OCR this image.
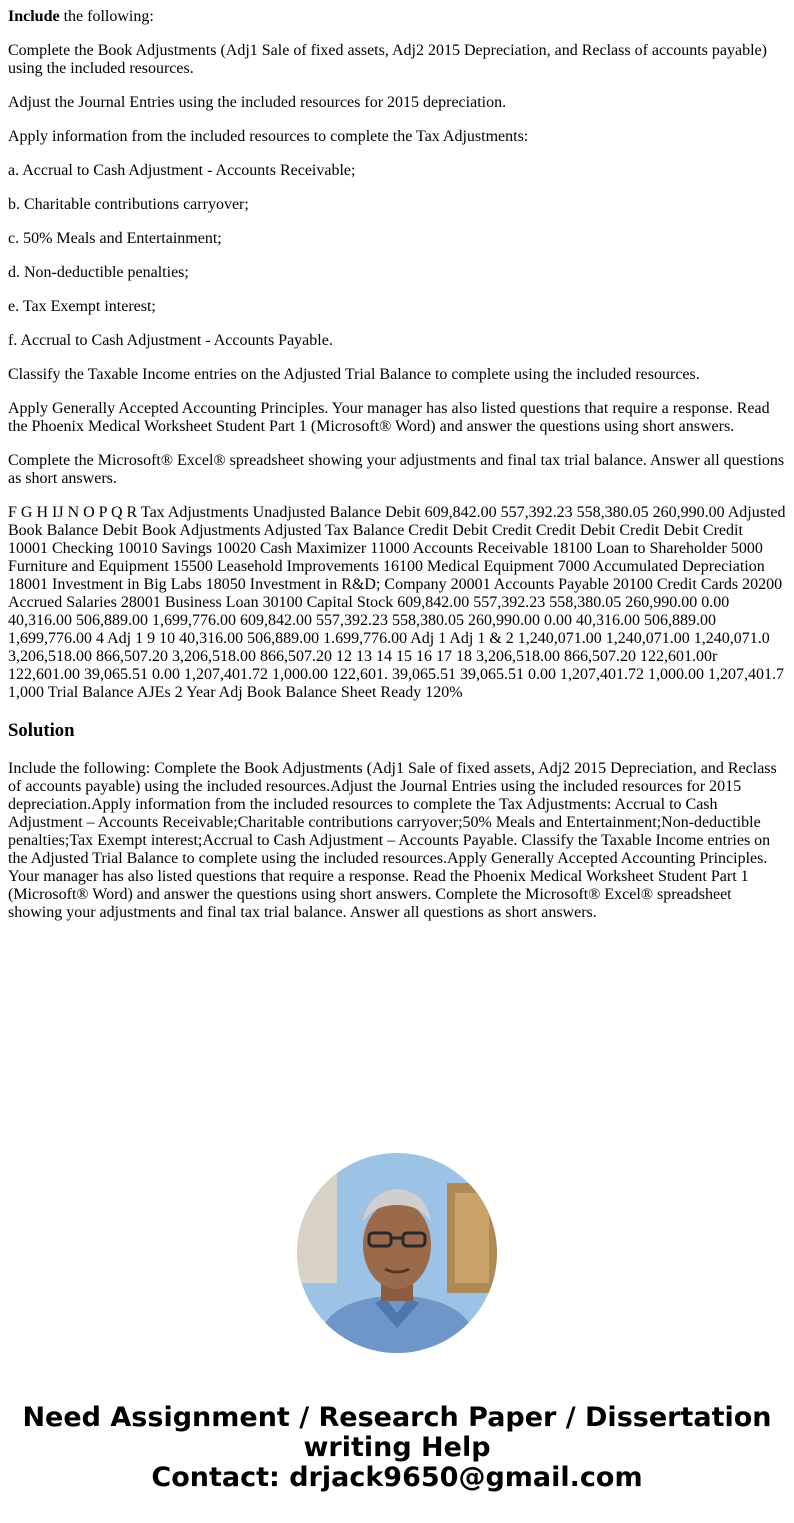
Include the following:

Complete the Book Adjustments (Adj1 Sale of fixed assets, Adj2 2015 Depreciation, and Reclass of accounts payable) using the included resources.

Adjust the Journal Entries using the included resources for 2015 depreciation.

Apply information from the included resources to complete the Tax Adjustments:

a. Accrual to Cash Adjustment - Accounts Receivable;

b. Charitable contributions carryover;

c. 50% Meals and Entertainment;

d. Non-deductible penalties;

e. Tax Exempt interest;

f. Accrual to Cash Adjustment - Accounts Payable.

Classify the Taxable Income entries on the Adjusted Trial Balance to complete using the included resources.

Apply Generally Accepted Accounting Principles. Your manager has also listed questions that require a response. Read the Phoenix Medical Worksheet Student Part 1 (Microsoft® Word) and answer the questions using short answers.

Complete the Microsoft® Excel® spreadsheet showing your adjustments and final tax trial balance. Answer all questions as short answers.

F G H IJ N O P Q R Tax Adjustments Unadjusted Balance Debit 609,842.00 557,392.23 558,380.05 260,990.00 Adjusted Book Balance Debit Book Adjustments Adjusted Tax Balance Credit Debit Credit Credit Debit Credit Debit Credit 10001 Checking 10010 Savings 10020 Cash Maximizer 11000 Accounts Receivable 18100 Loan to Shareholder 5000 Furniture and Equipment 15500 Leasehold Improvements 16100 Medical Equipment 7000 Accumulated Depreciation 18001 Investment in Big Labs 18050 Investment in R&D; Company 20001 Accounts Payable 20100 Credit Cards 20200 Accrued Salaries 28001 Business Loan 30100 Capital Stock 609,842.00 557,392.23 558,380.05 260,990.00 0.00 40,316.00 506,889.00 1,699,776.00 609,842.00 557,392.23 558,380.05 260,990.00 0.00 40,316.00 506,889.00 1,699,776.00 4 Adj 1 9 10 40,316.00 506,889.00 1.699,776.00 Adj 1 Adj 1 & 2 1,240,071.00 1,240,071.00 1,240,071.0 3,206,518.00 866,507.20 3,206,518.00 866,507.20 12 13 14 15 16 17 18 3,206,518.00 866,507.20 122,601.00r 122,601.00 39,065.51 0.00 1,207,401.72 1,000.00 122,601. 39,065.51 39,065.51 0.00 1,207,401.72 1,000.00 1,207,401.7 1,000 Trial Balance AJEs 2 Year Adj Book Balance Sheet Ready 120%

Solution

Include the following: Complete the Book Adjustments (Adj1 Sale of fixed assets, Adj2 2015 Depreciation, and Reclass of accounts payable) using the included resources.Adjust the Journal Entries using the included resources for 2015 depreciation.Apply information from the included resources to complete the Tax Adjustments: Accrual to Cash Adjustment – Accounts Receivable;Charitable contributions carryover;50% Meals and Entertainment;Non-deductible penalties;Tax Exempt interest;Accrual to Cash Adjustment – Accounts Payable. Classify the Taxable Income entries on the Adjusted Trial Balance to complete using the included resources.Apply Generally Accepted Accounting Principles. Your manager has also listed questions that require a response. Read the Phoenix Medical Worksheet Student Part 1 (Microsoft® Word) and answer the questions using short answers. Complete the Microsoft® Excel® spreadsheet showing your adjustments and final tax trial balance. Answer all questions as short answers.

Need Assignment / Research Paper / Dissertation
writing Help
Contact: drjack9650@gmail.com
